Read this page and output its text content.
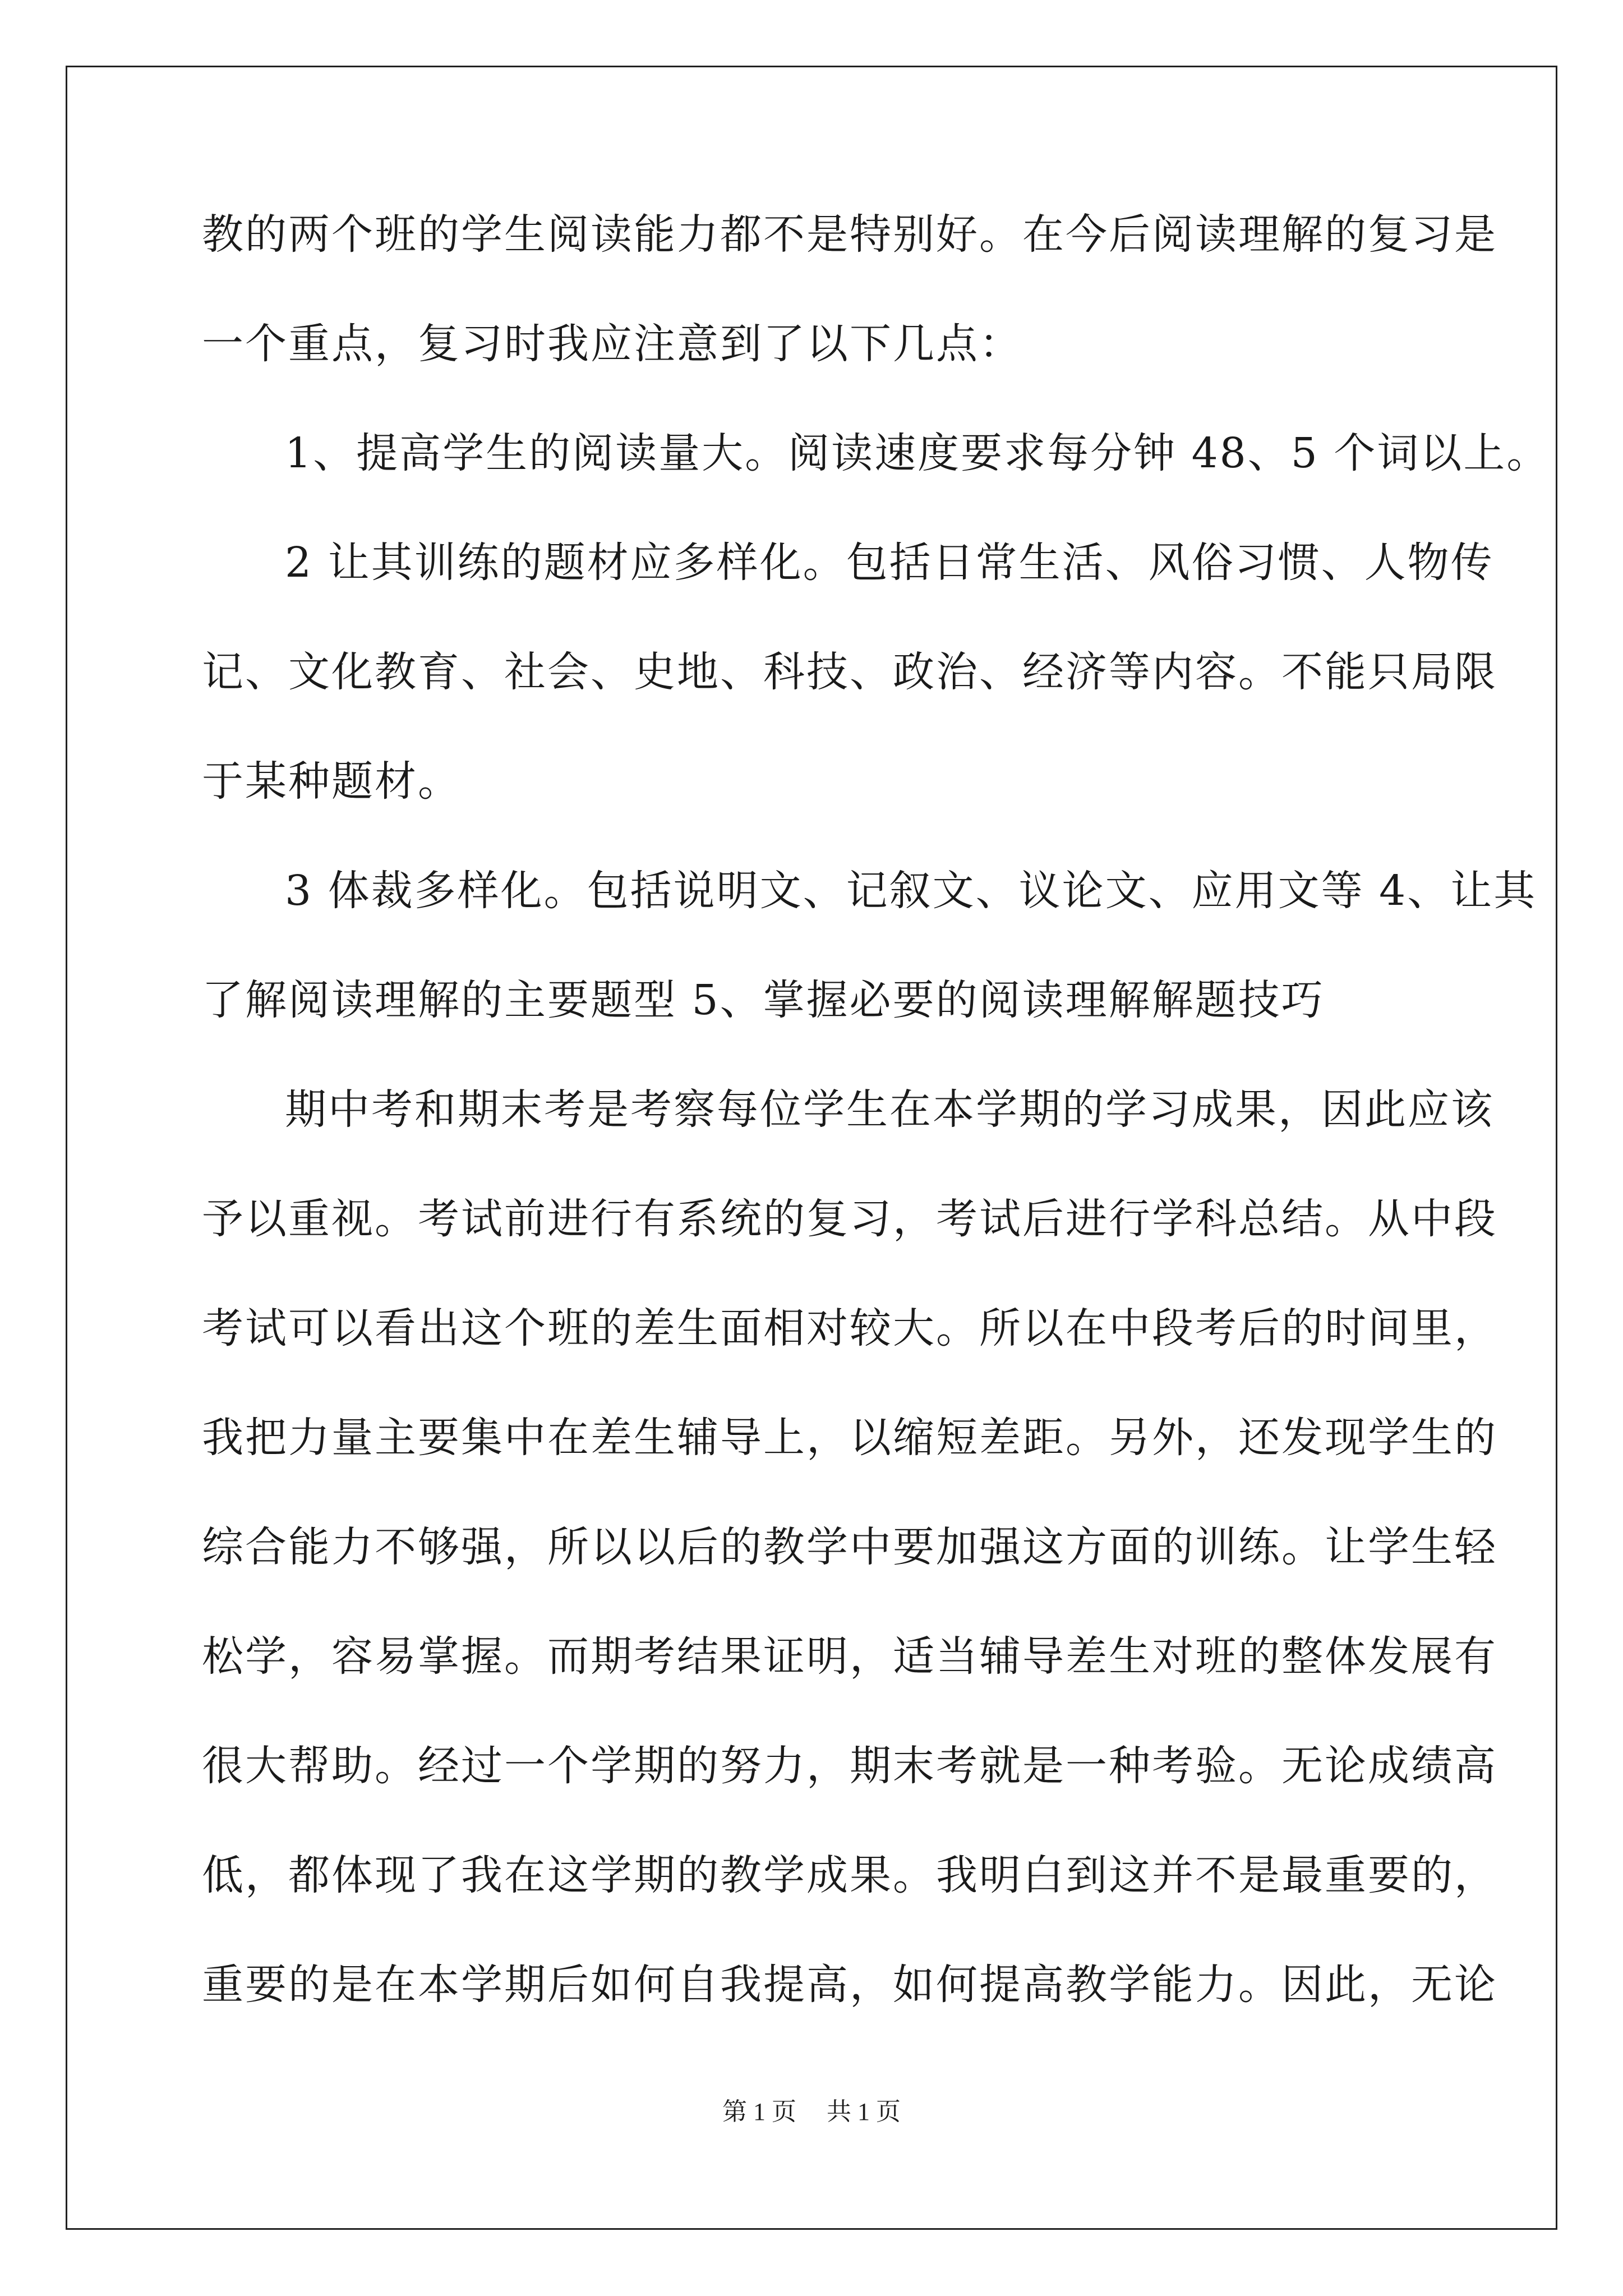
教的两个班的学生阅读能力都不是特别好。在今后阅读理解的复习是
一个重点，复习时我应注意到了以下几点：
1、提高学生的阅读量大。阅读速度要求每分钟 48、5 个词以上。
2 让其训练的题材应多样化。包括日常生活、风俗习惯、人物传
记、文化教育、社会、史地、科技、政治、经济等内容。不能只局限
于某种题材。
3 体裁多样化。包括说明文、记叙文、议论文、应用文等 4、让其
了解阅读理解的主要题型 5、掌握必要的阅读理解解题技巧
期中考和期末考是考察每位学生在本学期的学习成果，因此应该
予以重视。考试前进行有系统的复习，考试后进行学科总结。从中段
考试可以看出这个班的差生面相对较大。所以在中段考后的时间里，
我把力量主要集中在差生辅导上，以缩短差距。另外，还发现学生的
综合能力不够强，所以以后的教学中要加强这方面的训练。让学生轻
松学，容易掌握。而期考结果证明，适当辅导差生对班的整体发展有
很大帮助。经过一个学期的努力，期末考就是一种考验。无论成绩高
低，都体现了我在这学期的教学成果。我明白到这并不是最重要的，
重要的是在本学期后如何自我提高，如何提高教学能力。因此，无论
第 1 页 共 1 页
